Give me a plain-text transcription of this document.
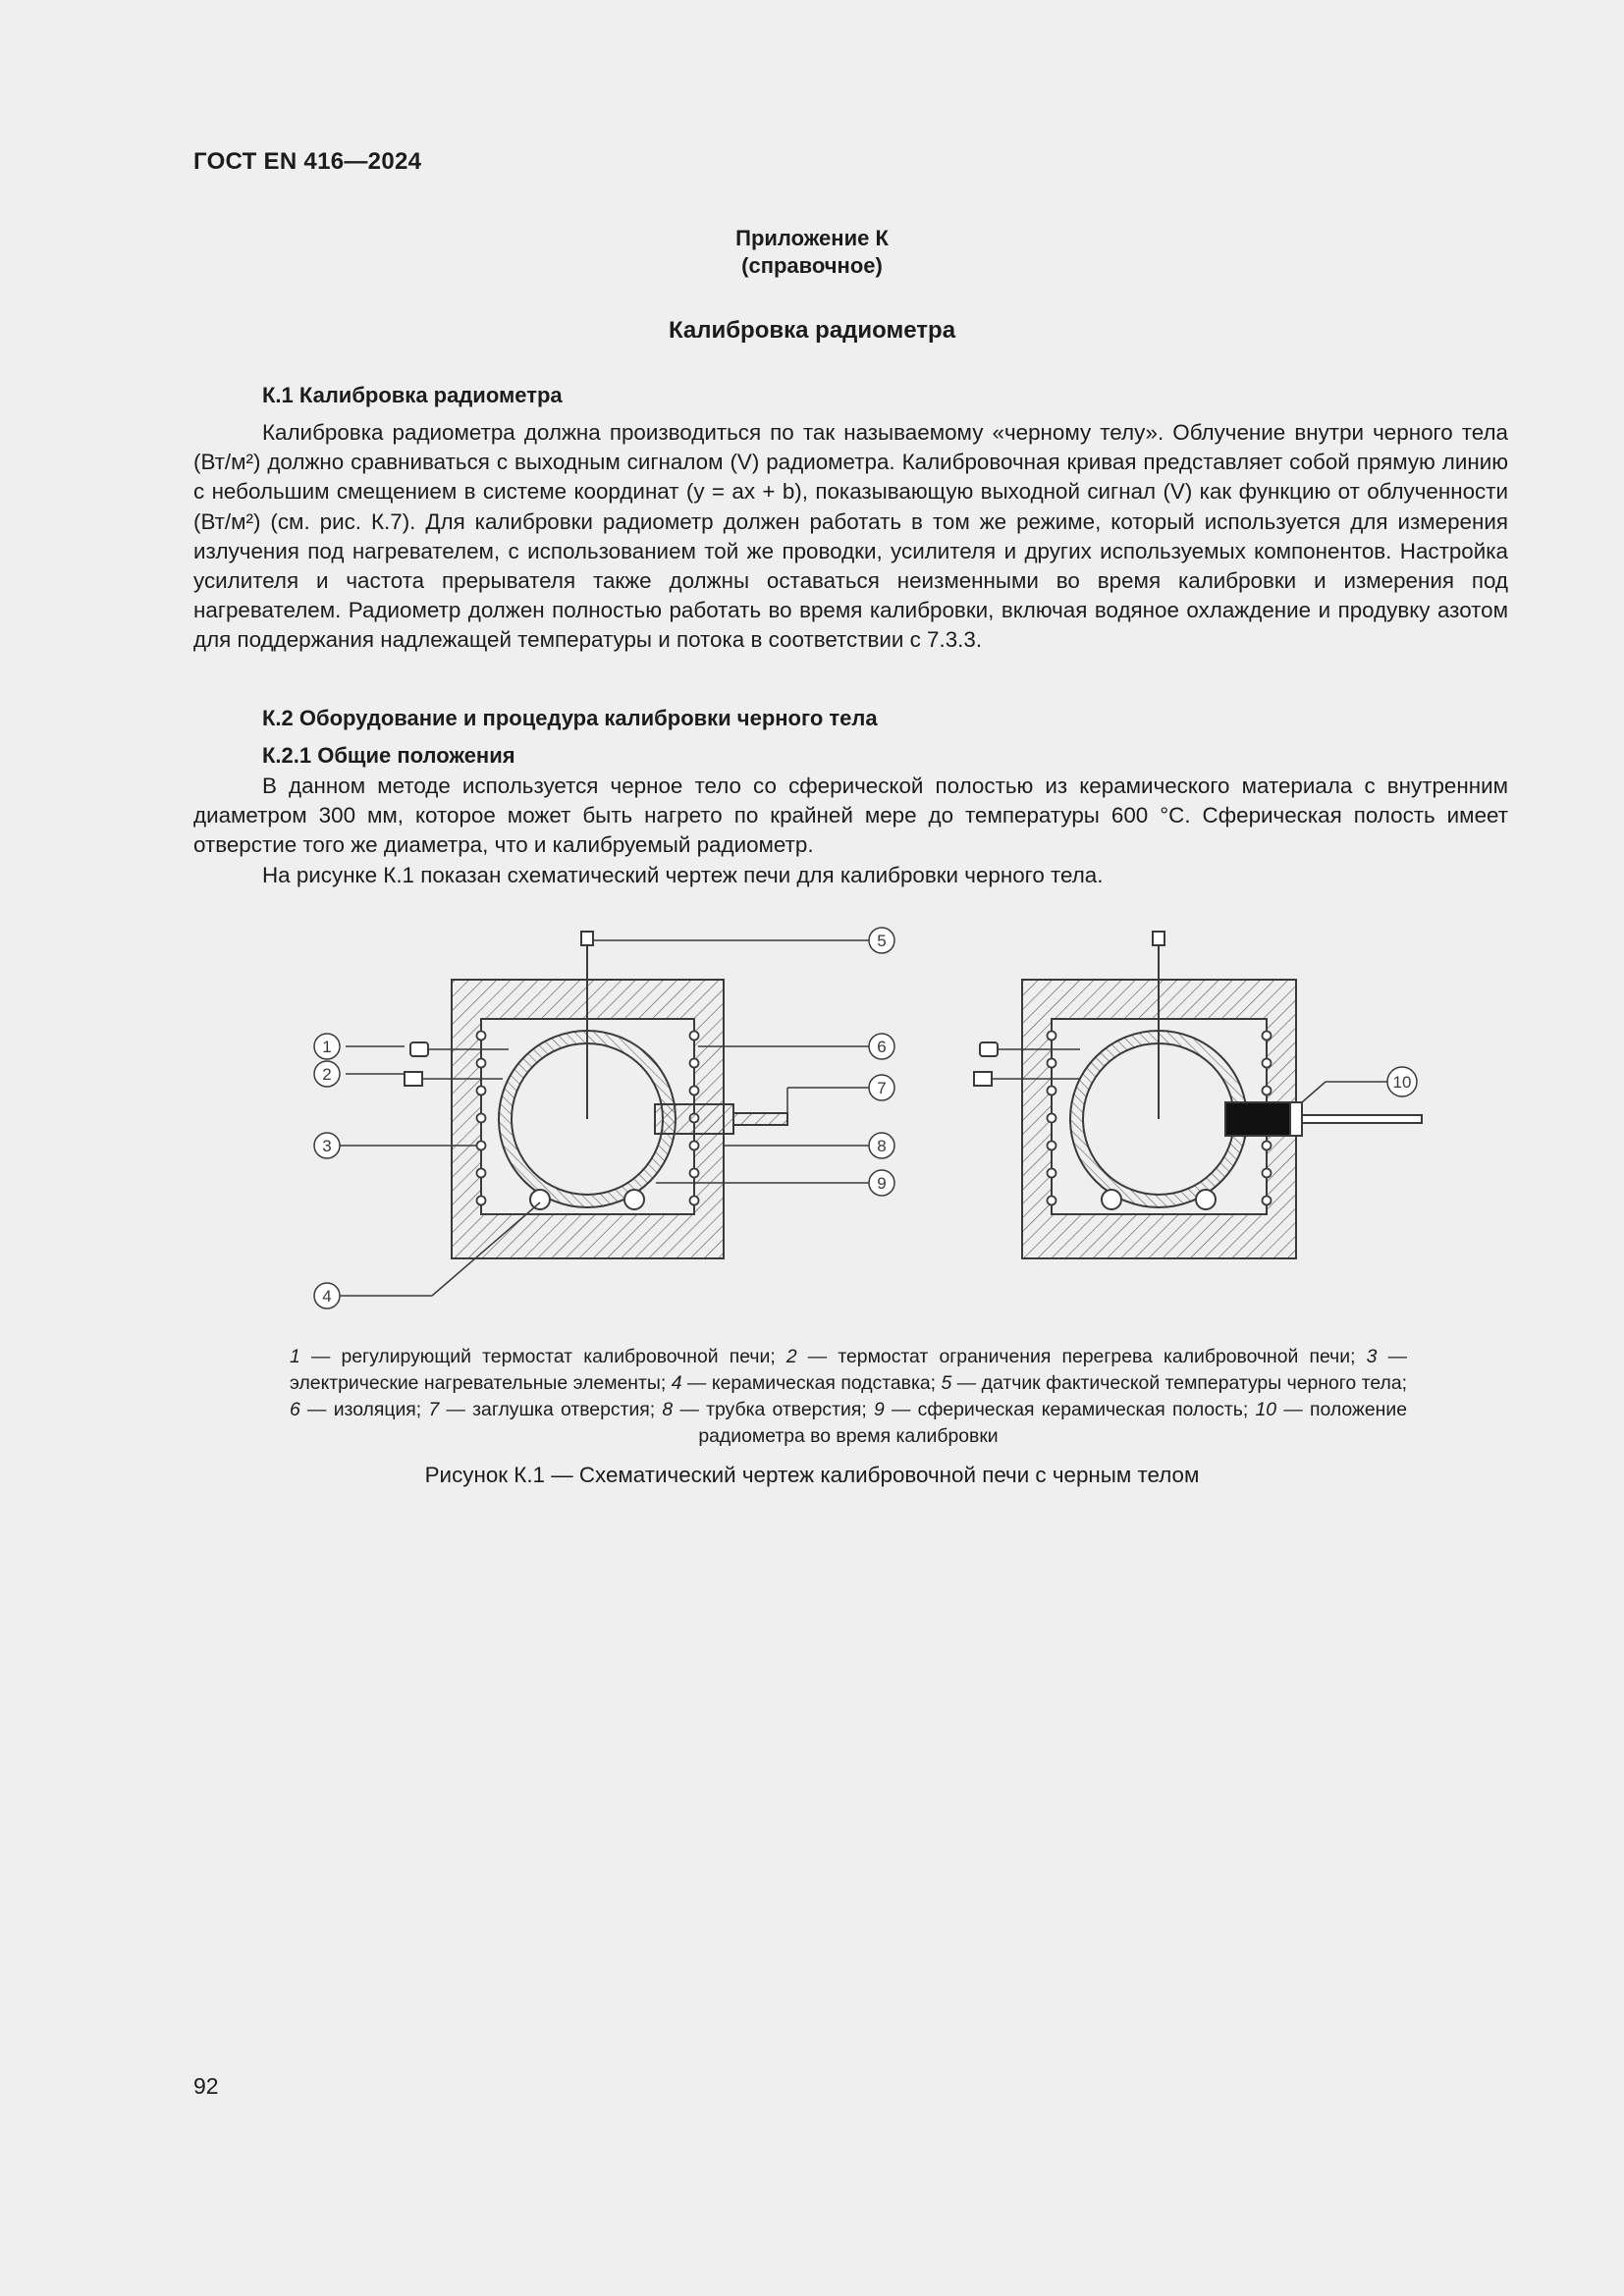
ГОСТ EN 416—2024
Приложение К
(справочное)
Калибровка радиометра
К.1 Калибровка радиометра

Калибровка радиометра должна производиться по так называемому «черному телу». Облучение внутри черного тела (Вт/м²) должно сравниваться с выходным сигналом (V) радиометра. Калибровочная кривая представляет собой прямую линию с небольшим смещением в системе координат (y = ах + b), показывающую выходной сигнал (V) как функцию от облученности (Вт/м²) (см. рис. К.7). Для калибровки радиометр должен работать в том же режиме, который используется для измерения излучения под нагревателем, с использованием той же проводки, усилителя и других используемых компонентов. Настройка усилителя и частота прерывателя также должны оставаться неизменными во время калибровки и измерения под нагревателем. Радиометр должен полностью работать во время калибровки, включая водяное охлаждение и продувку азотом для поддержания надлежащей температуры и потока в соответствии с 7.3.3.

К.2 Оборудование и процедура калибровки черного тела
К.2.1 Общие положения

В данном методе используется черное тело со сферической полостью из керамического материала с внутренним диаметром 300 мм, которое может быть нагрето по крайней мере до температуры 600 °С. Сферическая полость имеет отверстие того же диаметра, что и калибруемый радиометр.

На рисунке К.1 показан схематический чертеж печи для калибровки черного тела.

1
2
3
4
5
6
7
8
9
10

1 — регулирующий термостат калибровочной печи; 2 — термостат ограничения перегрева калибровочной печи; 3 — электрические нагревательные элементы; 4 — керамическая подставка; 5 — датчик фактической температуры черного тела; 6 — изоляция; 7 — заглушка отверстия; 8 — трубка отверстия; 9 — сферическая керамическая полость; 10 — положение радиометра во время калибровки

Рисунок К.1 — Схематический чертеж калибровочной печи с черным телом
92
